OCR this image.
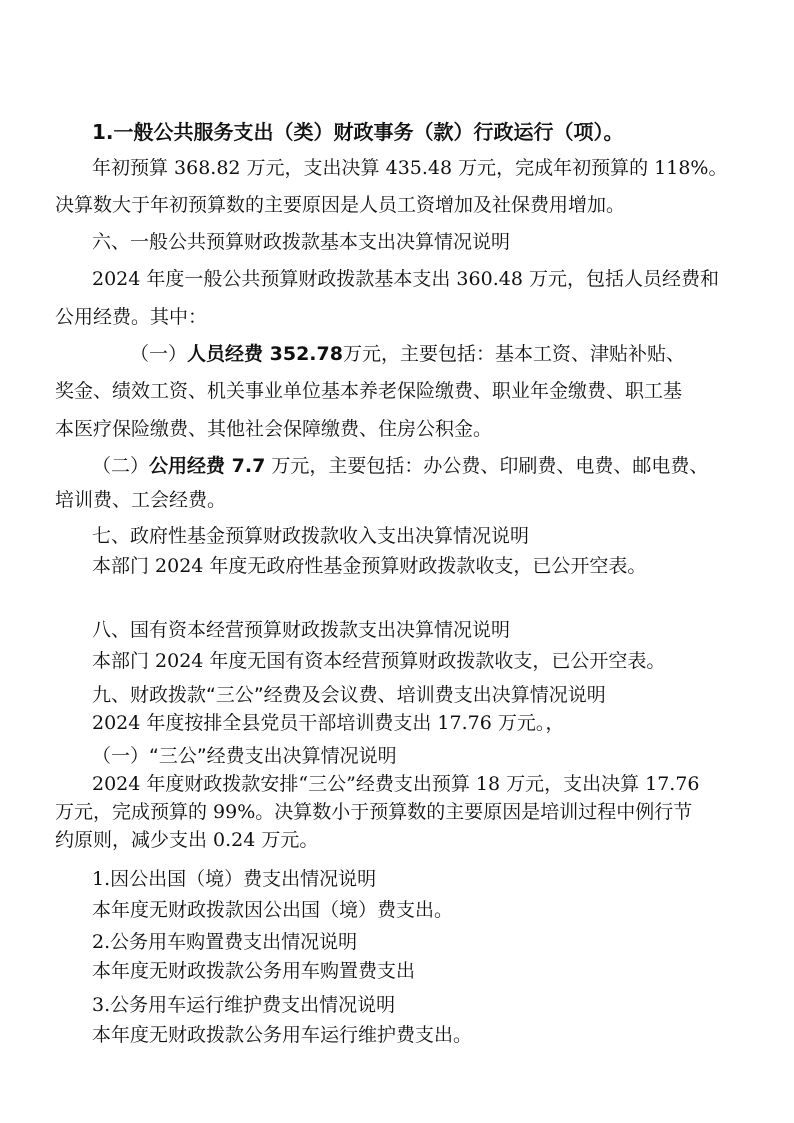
1.一般公共服务支出（类）财政事务（款）行政运行（项）。
年初预算 368.82 万元，支出决算 435.48 万元，完成年初预算的 118%。
决算数大于年初预算数的主要原因是人员工资增加及社保费用增加。
六、一般公共预算财政拨款基本支出决算情况说明
2024 年度一般公共预算财政拨款基本支出 360.48 万元，包括人员经费和
公用经费。其中：
（一）人员经费 352.78万元，主要包括：基本工资、津贴补贴、
奖金、绩效工资、机关事业单位基本养老保险缴费、职业年金缴费、职工基
本医疗保险缴费、其他社会保障缴费、住房公积金。
（二）公用经费 7.7 万元，主要包括：办公费、印刷费、电费、邮电费、
培训费、工会经费。
七、政府性基金预算财政拨款收入支出决算情况说明
本部门 2024 年度无政府性基金预算财政拨款收支，已公开空表。
八、国有资本经营预算财政拨款支出决算情况说明
本部门 2024 年度无国有资本经营预算财政拨款收支，已公开空表。
九、财政拨款“三公”经费及会议费、培训费支出决算情况说明
2024 年度按排全县党员干部培训费支出 17.76 万元。，
（一）“三公”经费支出决算情况说明
2024 年度财政拨款安排“三公”经费支出预算 18 万元，支出决算 17.76
万元，完成预算的 99%。决算数小于预算数的主要原因是培训过程中例行节
约原则，减少支出 0.24 万元。
1.因公出国（境）费支出情况说明
本年度无财政拨款因公出国（境）费支出。
2.公务用车购置费支出情况说明
本年度无财政拨款公务用车购置费支出
3.公务用车运行维护费支出情况说明
本年度无财政拨款公务用车运行维护费支出。
